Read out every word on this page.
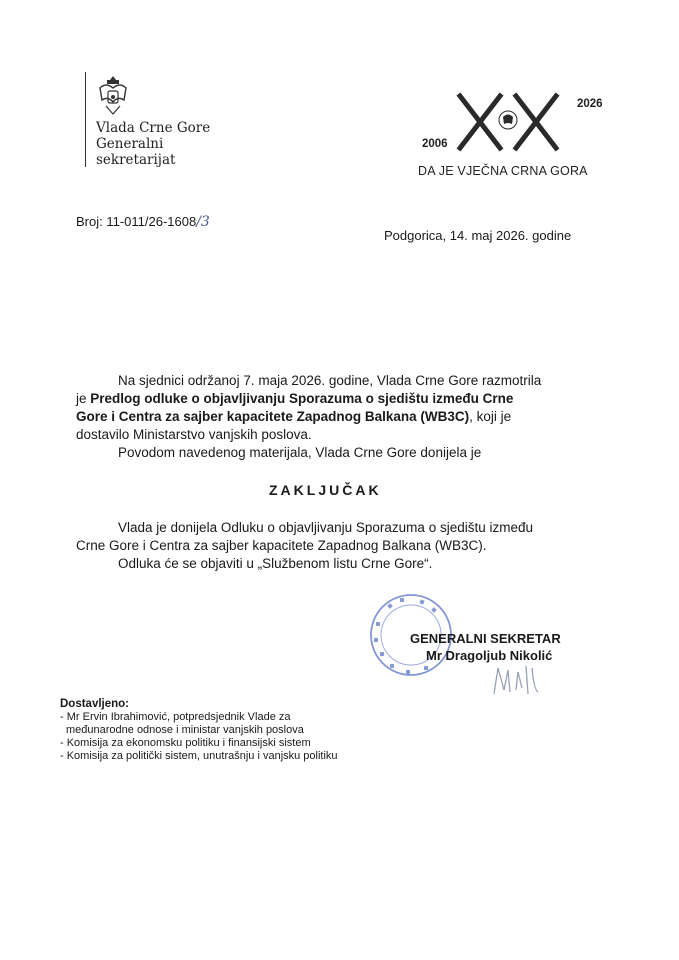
Vlada Crne Gore
Generalni
sekretarijat
2006
2026
DA JE VJEČNA CRNA GORA
Broj: 11-011/26-1608/3
Podgorica, 14. maj 2026. godine
Na sjednici održanoj 7. maja 2026. godine, Vlada Crne Gore razmotrila
je Predlog odluke o objavljivanju Sporazuma o sjedištu između Crne
Gore i Centra za sajber kapacitete Zapadnog Balkana (WB3C), koji je
dostavilo Ministarstvo vanjskih poslova.
Povodom navedenog materijala, Vlada Crne Gore donijela je
ZAKLJUČAK
Vlada je donijela Odluku o objavljivanju Sporazuma o sjedištu između
Crne Gore i Centra za sajber kapacitete Zapadnog Balkana (WB3C).
Odluka će se objaviti u „Službenom listu Crne Gore“.
GENERALNI SEKRETAR
Mr Dragoljub Nikolić
Dostavljeno:
- Mr Ervin Ibrahimović, potpredsjednik Vlade za
međunarodne odnose i ministar vanjskih poslova
- Komisija za ekonomsku politiku i finansijski sistem
- Komisija za politički sistem, unutrašnju i vanjsku politiku
